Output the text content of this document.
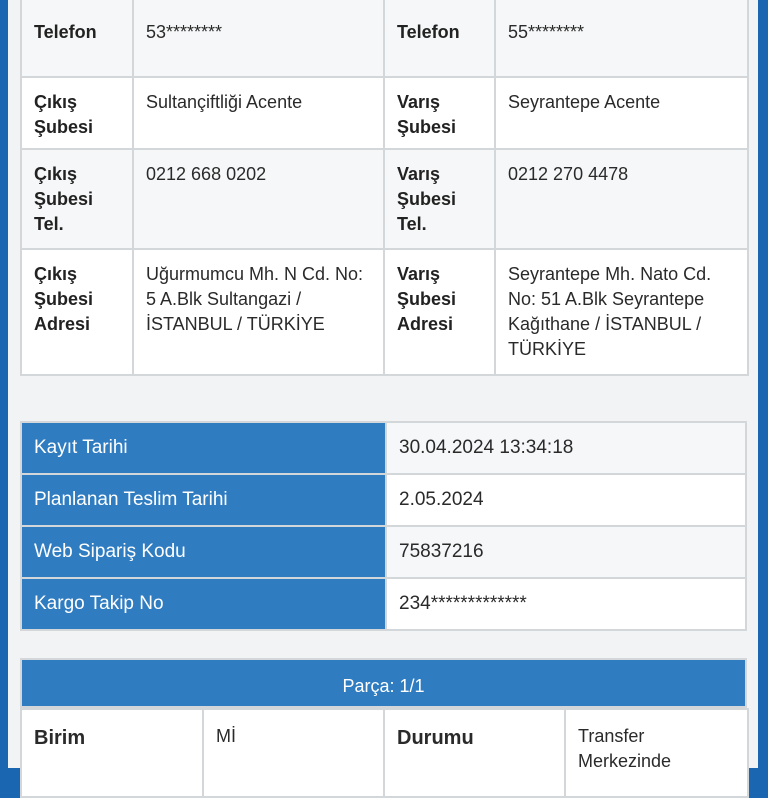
Telefon	53********	Telefon	55********
Çıkış Şubesi	Sultançiftliği Acente	Varış Şubesi	Seyrantepe Acente
Çıkış Şubesi Tel.	0212 668 0202	Varış Şubesi Tel.	0212 270 4478
Çıkış Şubesi Adresi	Uğurmumcu Mh. N Cd. No: 5 A.Blk Sultangazi / İSTANBUL / TÜRKİYE	Varış Şubesi Adresi	Seyrantepe Mh. Nato Cd. No: 51 A.Blk Seyrantepe Kağıthane / İSTANBUL / TÜRKİYE
Kayıt Tarihi	30.04.2024 13:34:18
Planlanan Teslim Tarihi	2.05.2024
Web Sipariş Kodu	75837216
Kargo Takip No	234*************
Parça: 1/1
Birim	Mİ	Durumu	Transfer Merkezinde
